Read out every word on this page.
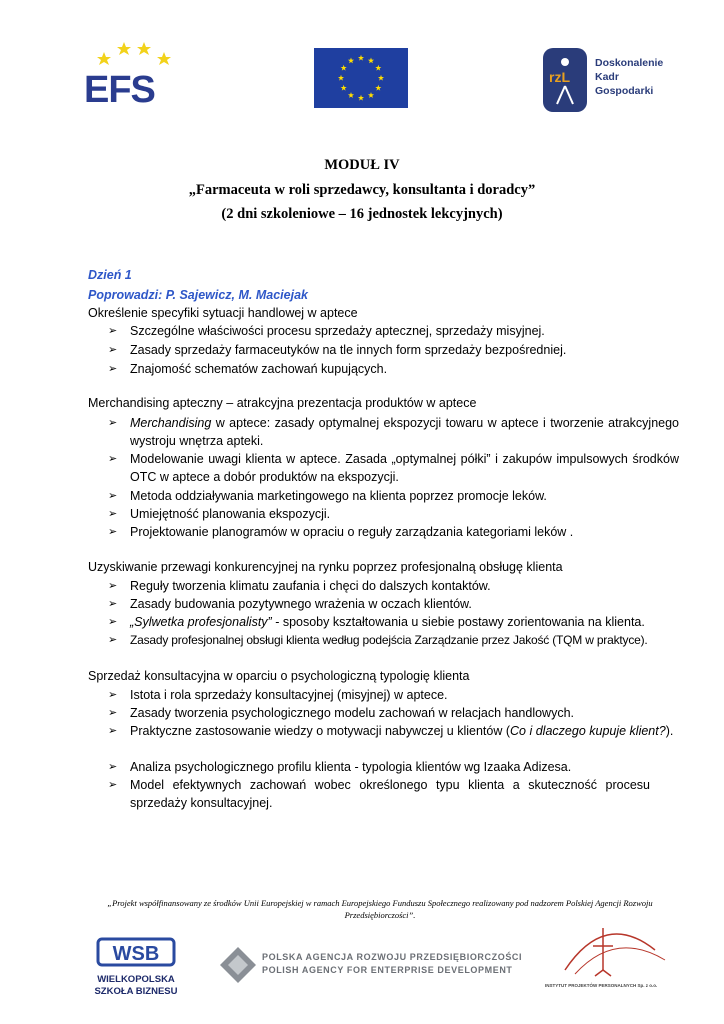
EFS	rzL
Doskonalenie
Kadr
Gospodarki
MODUŁ IV
„Farmaceuta w roli sprzedawcy, konsultanta i doradcy”
(2 dni szkoleniowe – 16 jednostek lekcyjnych)
Dzień 1
Poprowadzi: P. Sajewicz, M. Maciejak
Określenie specyfiki sytuacji handlowej w aptece
➢	Szczególne właściwości procesu sprzedaży aptecznej, sprzedaży misyjnej.
➢	Zasady sprzedaży farmaceutyków na tle innych form sprzedaży bezpośredniej.
➢	Znajomość schematów zachowań kupujących.
Merchandising apteczny – atrakcyjna prezentacja produktów w aptece
➢	Merchandising w aptece: zasady optymalnej ekspozycji towaru w aptece i tworzenie atrakcyjnego wystroju wnętrza apteki.
➢	Modelowanie uwagi klienta w aptece. Zasada „optymalnej półki” i zakupów impulsowych środków OTC w aptece a dobór produktów na ekspozycji.
➢	Metoda oddziaływania marketingowego na klienta poprzez promocje leków.
➢	Umiejętność planowania ekspozycji.
➢	Projektowanie planogramów w opraciu o reguły zarządzania kategoriami leków .
Uzyskiwanie przewagi konkurencyjnej na rynku poprzez profesjonalną obsługę klienta
➢	Reguły tworzenia klimatu zaufania i chęci do dalszych kontaktów.
➢	Zasady budowania pozytywnego wrażenia w oczach klientów.
➢	„Sylwetka profesjonalisty” - sposoby kształtowania u siebie postawy zorientowania na klienta.
➢	Zasady profesjonalnej obsługi klienta według podejścia Zarządzanie przez Jakość (TQM w praktyce).
Sprzedaż konsultacyjna w oparciu o psychologiczną typologię klienta
➢	Istota i rola sprzedaży konsultacyjnej (misyjnej) w aptece.
➢	Zasady tworzenia psychologicznego modelu zachowań w relacjach handlowych.
➢	Praktyczne zastosowanie wiedzy o motywacji nabywczej u klientów (Co i dlaczego kupuje klient?).
➢	Analiza psychologicznego profilu klienta - typologia klientów wg Izaaka Adizesa.
➢	Model efektywnych zachowań wobec określonego typu klienta a skuteczność procesu sprzedaży konsultacyjnej.
„Projekt współfinansowany ze środków Unii Europejskiej w ramach Europejskiego Funduszu Społecznego realizowany pod nadzorem Polskiej Agencji Rozwoju Przedsiębiorczości”.
WSB
WIELKOPOLSKA
SZKOŁA BIZNESU
POLSKA AGENCJA ROZWOJU PRZEDSIĘBIORCZOŚCI
POLISH AGENCY FOR ENTERPRISE DEVELOPMENT
INSTYTUT PROJEKTÓW PERSONALNYCH Sp. z o.o.
